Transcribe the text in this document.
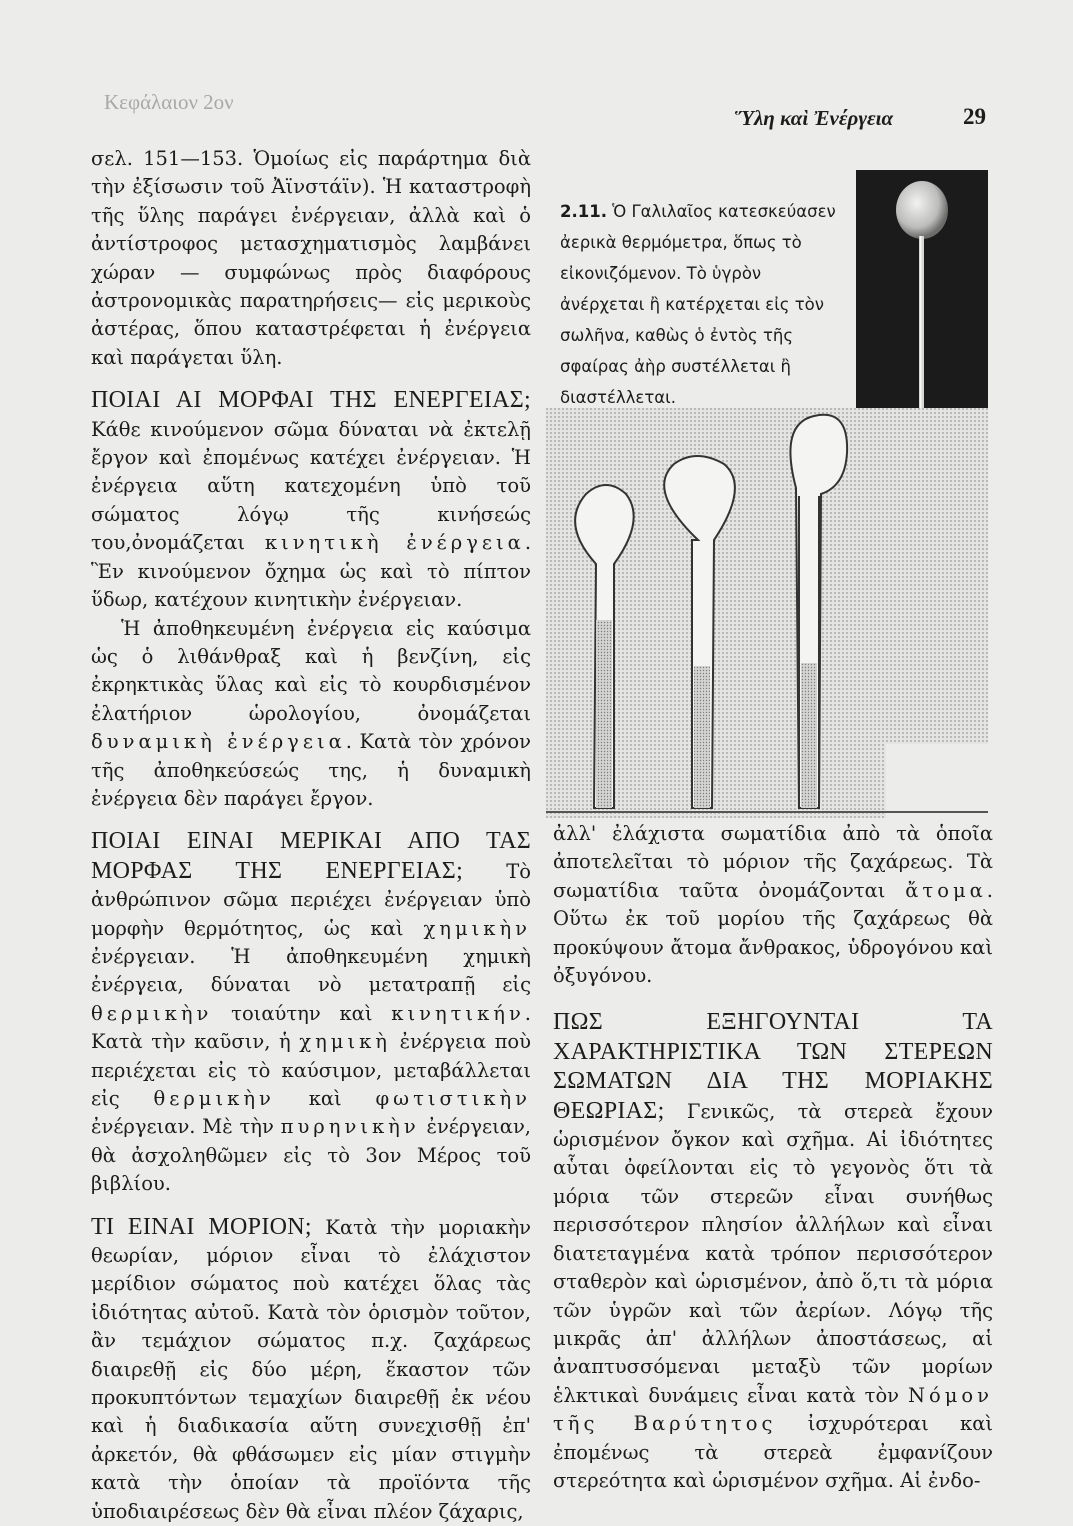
Κεφάλαιον 2ον
Ὕλη καὶ Ἐνέργεια	29

σελ. 151—153. Ὁμοίως εἰς παράρτημα διὰ τὴν ἐξίσωσιν τοῦ Ἀϊνστάϊν). Ἡ καταστροφὴ τῆς ὕλης παράγει ἐνέργειαν, ἀλλὰ καὶ ὁ ἀντίστροφος μετασχηματισμὸς λαμβάνει χώραν — συμφώνως πρὸς διαφόρους ἀστρονομικὰς παρατηρήσεις— εἰς μερικοὺς ἀστέρας, ὅπου καταστρέφεται ἡ ἐνέργεια καὶ παράγεται ὕλη.

ΠΟΙΑΙ ΑΙ ΜΟΡΦΑΙ ΤΗΣ ΕΝΕΡΓΕΙΑΣ; Κάθε κινούμενον σῶμα δύναται νὰ ἐκτελῇ ἔργον καὶ ἐπομένως κατέχει ἐνέργειαν. Ἡ ἐνέργεια αὕτη κατεχομένη ὑπὸ τοῦ σώματος λόγῳ τῆς κινήσεώς του,ὀνομάζεται κινητικὴ ἐνέργεια. Ἓν κινούμενον ὄχημα ὡς καὶ τὸ πίπτον ὕδωρ, κατέχουν κινητικὴν ἐνέργειαν.

Ἡ ἀποθηκευμένη ἐνέργεια εἰς καύσιμα ὡς ὁ λιθάνθραξ καὶ ἡ βενζίνη, εἰς ἐκρηκτικὰς ὕλας καὶ εἰς τὸ κουρδισμένον ἐλατήριον ὡρολογίου, ὀνομάζεται δυναμικὴ ἐνέργεια. Κατὰ τὸν χρόνον τῆς ἀποθηκεύσεώς της, ἡ δυναμικὴ ἐνέργεια δὲν παράγει ἔργον.

ΠΟΙΑΙ ΕΙΝΑΙ ΜΕΡΙΚΑΙ ΑΠΟ ΤΑΣ ΜΟΡΦΑΣ ΤΗΣ ΕΝΕΡΓΕΙΑΣ; Τὸ ἀνθρώπινον σῶμα περιέχει ἐνέργειαν ὑπὸ μορφὴν θερμότητος, ὡς καὶ χημικὴν ἐνέργειαν. Ἡ ἀποθηκευμένη χημικὴ ἐνέργεια, δύναται νὸ μετατραπῇ εἰς θερμικὴν τοιαύτην καὶ κινητικήν. Κατὰ τὴν καῦσιν, ἡ χημικὴ ἐνέργεια ποὺ περιέχεται εἰς τὸ καύσιμον, μεταβάλλεται εἰς θερμικὴν καὶ φωτιστικὴν ἐνέργειαν. Μὲ τὴν πυρηνικὴν ἐνέργειαν, θὰ ἀσχοληθῶμεν εἰς τὸ 3ον Μέρος τοῦ βιβλίου.

ΤΙ ΕΙΝΑΙ ΜΟΡΙΟΝ; Κατὰ τὴν μοριακὴν θεωρίαν, μόριον εἶναι τὸ ἐλάχιστον μερίδιον σώματος ποὺ κατέχει ὅλας τὰς ἰδιότητας αὐτοῦ. Κατὰ τὸν ὁρισμὸν τοῦτον, ἂν τεμάχιον σώματος π.χ. ζαχάρεως διαιρεθῇ εἰς δύο μέρη, ἕκαστον τῶν προκυπτόντων τεμαχίων διαιρεθῇ ἐκ νέου καὶ ἡ διαδικασία αὕτη συνεχισθῇ ἐπ' ἀρκετόν, θὰ φθάσωμεν εἰς μίαν στιγμὴν κατὰ τὴν ὁποίαν τὰ προϊόντα τῆς ὑποδιαιρέσεως δὲν θὰ εἶναι πλέον ζάχαρις,

2.11. Ὁ Γαλιλαῖος κατεσκεύασεν ἀερικὰ θερμόμετρα, ὅπως τὸ εἰκονιζόμενον. Τὸ ὑγρὸν ἀνέρχεται ἢ κατέρχεται εἰς τὸν σωλῆνα, καθὼς ὁ ἐντὸς τῆς σφαίρας ἀὴρ συστέλλεται ἢ διαστέλλεται.

ἀλλ' ἐλάχιστα σωματίδια ἀπὸ τὰ ὁποῖα ἀποτελεῖται τὸ μόριον τῆς ζαχάρεως. Τὰ σωματίδια ταῦτα ὀνομάζονται ἄτομα. Οὕτω ἐκ τοῦ μορίου τῆς ζαχάρεως θὰ προκύψουν ἄτομα ἄνθρακος, ὑδρογόνου καὶ ὀξυγόνου.

ΠΩΣ ΕΞΗΓΟΥΝΤΑΙ ΤΑ ΧΑΡΑΚΤΗΡΙΣΤΙΚΑ ΤΩΝ ΣΤΕΡΕΩΝ ΣΩΜΑΤΩΝ ΔΙΑ ΤΗΣ ΜΟΡΙΑΚΗΣ ΘΕΩΡΙΑΣ; Γενικῶς, τὰ στερεὰ ἔχουν ὡρισμένον ὄγκον καὶ σχῆμα. Αἱ ἰδιότητες αὗται ὀφείλονται εἰς τὸ γεγονὸς ὅτι τὰ μόρια τῶν στερεῶν εἶναι συνήθως περισσότερον πλησίον ἀλλήλων καὶ εἶναι διατεταγμένα κατὰ τρόπον περισσότερον σταθερὸν καὶ ὡρισμένον, ἀπὸ ὅ,τι τὰ μόρια τῶν ὑγρῶν καὶ τῶν ἀερίων. Λόγῳ τῆς μικρᾶς ἀπ' ἀλλήλων ἀποστάσεως, αἱ ἀναπτυσσόμεναι μεταξὺ τῶν μορίων ἑλκτικαὶ δυνάμεις εἶναι κατὰ τὸν Νόμον τῆς Βαρύτητος ἰσχυρότεραι καὶ ἐπομένως τὰ στερεὰ ἐμφανίζουν στερεότητα καὶ ὡρισμένον σχῆμα. Αἱ ἐνδο-
